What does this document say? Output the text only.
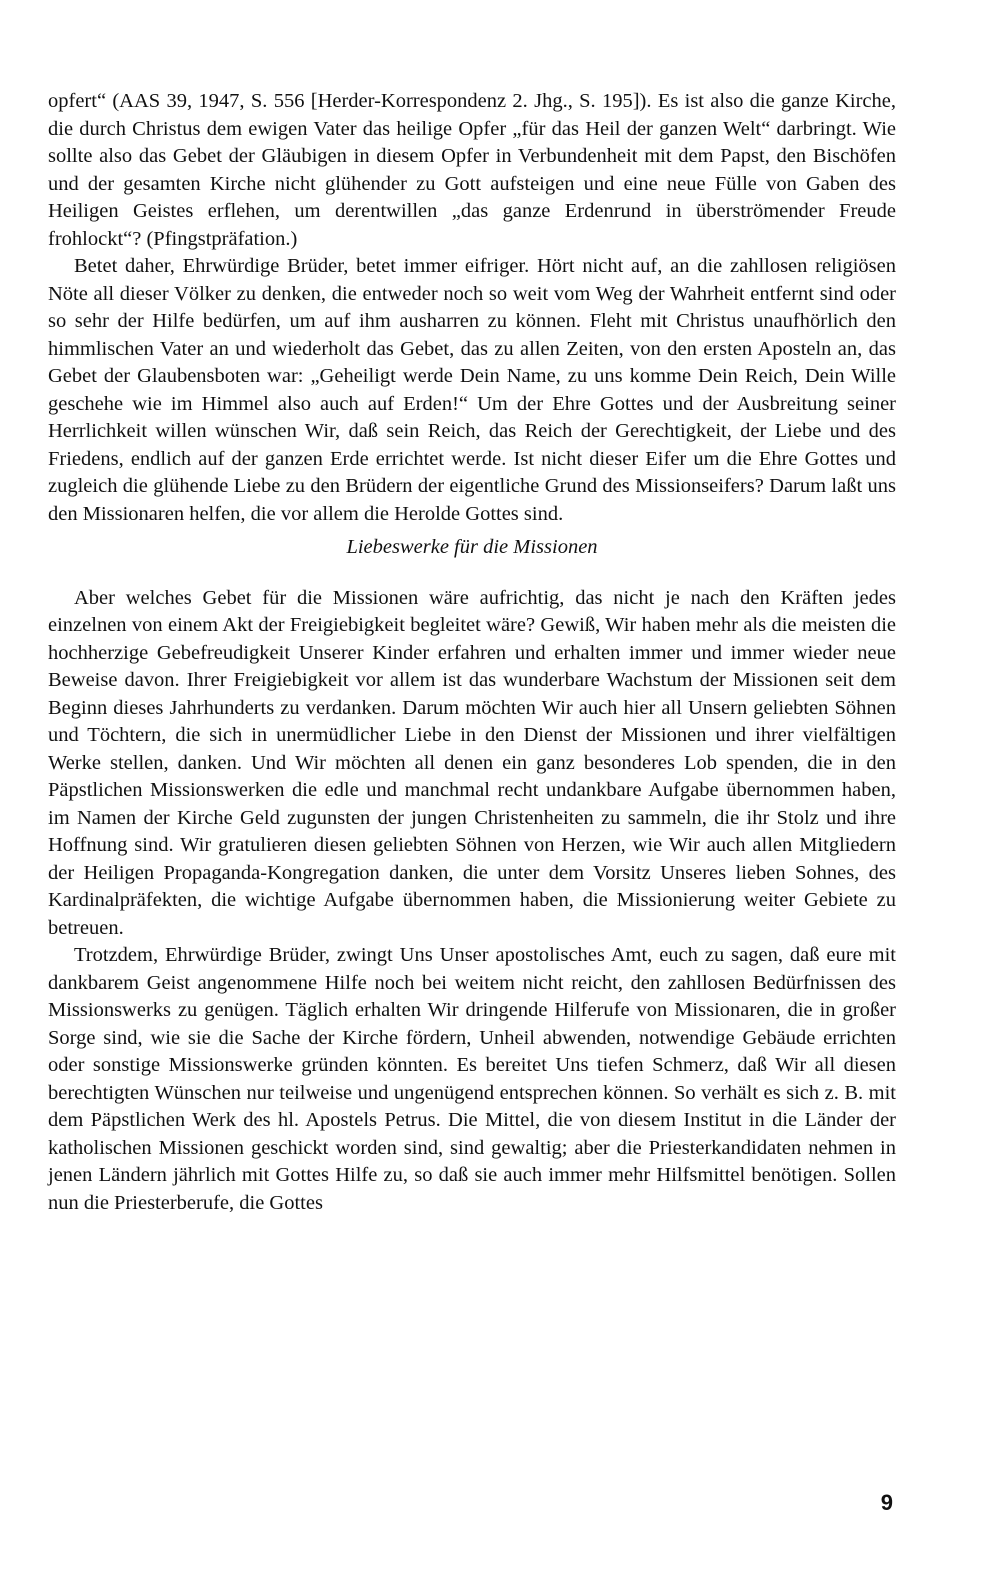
opfert“ (AAS 39, 1947, S. 556 [Herder-Korrespondenz 2. Jhg., S. 195]). Es ist also die ganze Kirche, die durch Christus dem ewigen Vater das heilige Opfer „für das Heil der ganzen Welt“ darbringt. Wie sollte also das Gebet der Gläubigen in diesem Opfer in Verbundenheit mit dem Papst, den Bischöfen und der gesamten Kirche nicht glühender zu Gott aufsteigen und eine neue Fülle von Gaben des Heiligen Geistes erflehen, um derentwillen „das ganze Erdenrund in überströmender Freude frohlockt“? (Pfingstpräfation.)

Betet daher, Ehrwürdige Brüder, betet immer eifriger. Hört nicht auf, an die zahllosen religiösen Nöte all dieser Völker zu denken, die entweder noch so weit vom Weg der Wahrheit entfernt sind oder so sehr der Hilfe bedürfen, um auf ihm ausharren zu können. Fleht mit Christus unaufhörlich den himmlischen Vater an und wiederholt das Gebet, das zu allen Zeiten, von den ersten Aposteln an, das Gebet der Glaubensboten war: „Geheiligt werde Dein Name, zu uns komme Dein Reich, Dein Wille geschehe wie im Himmel also auch auf Erden!“ Um der Ehre Gottes und der Ausbreitung seiner Herrlichkeit willen wünschen Wir, daß sein Reich, das Reich der Gerechtigkeit, der Liebe und des Friedens, endlich auf der ganzen Erde errichtet werde. Ist nicht dieser Eifer um die Ehre Gottes und zugleich die glühende Liebe zu den Brüdern der eigentliche Grund des Missionseifers? Darum laßt uns den Missionaren helfen, die vor allem die Herolde Gottes sind.

Liebeswerke für die Missionen

Aber welches Gebet für die Missionen wäre aufrichtig, das nicht je nach den Kräften jedes einzelnen von einem Akt der Freigiebigkeit begleitet wäre? Gewiß, Wir haben mehr als die meisten die hochherzige Gebefreudigkeit Unserer Kinder erfahren und erhalten immer und immer wieder neue Beweise davon. Ihrer Freigiebigkeit vor allem ist das wunderbare Wachstum der Missionen seit dem Beginn dieses Jahrhunderts zu verdanken. Darum möchten Wir auch hier all Unsern geliebten Söhnen und Töchtern, die sich in unermüdlicher Liebe in den Dienst der Missionen und ihrer vielfältigen Werke stellen, danken. Und Wir möchten all denen ein ganz besonderes Lob spenden, die in den Päpstlichen Missionswerken die edle und manchmal recht undankbare Aufgabe übernommen haben, im Namen der Kirche Geld zugunsten der jungen Christenheiten zu sammeln, die ihr Stolz und ihre Hoffnung sind. Wir gratulieren diesen geliebten Söhnen von Herzen, wie Wir auch allen Mitgliedern der Heiligen Propaganda-Kongregation danken, die unter dem Vorsitz Unseres lieben Sohnes, des Kardinalpräfekten, die wichtige Aufgabe übernommen haben, die Missionierung weiter Gebiete zu betreuen.

Trotzdem, Ehrwürdige Brüder, zwingt Uns Unser apostolisches Amt, euch zu sagen, daß eure mit dankbarem Geist angenommene Hilfe noch bei weitem nicht reicht, den zahllosen Bedürfnissen des Missionswerks zu genügen. Täglich erhalten Wir dringende Hilferufe von Missionaren, die in großer Sorge sind, wie sie die Sache der Kirche fördern, Unheil abwenden, notwendige Gebäude errichten oder sonstige Missionswerke gründen könnten. Es bereitet Uns tiefen Schmerz, daß Wir all diesen berechtigten Wünschen nur teilweise und ungenügend entsprechen können. So verhält es sich z. B. mit dem Päpstlichen Werk des hl. Apostels Petrus. Die Mittel, die von diesem Institut in die Länder der katholischen Missionen geschickt worden sind, sind gewaltig; aber die Priesterkandidaten nehmen in jenen Ländern jährlich mit Gottes Hilfe zu, so daß sie auch immer mehr Hilfsmittel benötigen. Sollen nun die Priesterberufe, die Gottes

9
